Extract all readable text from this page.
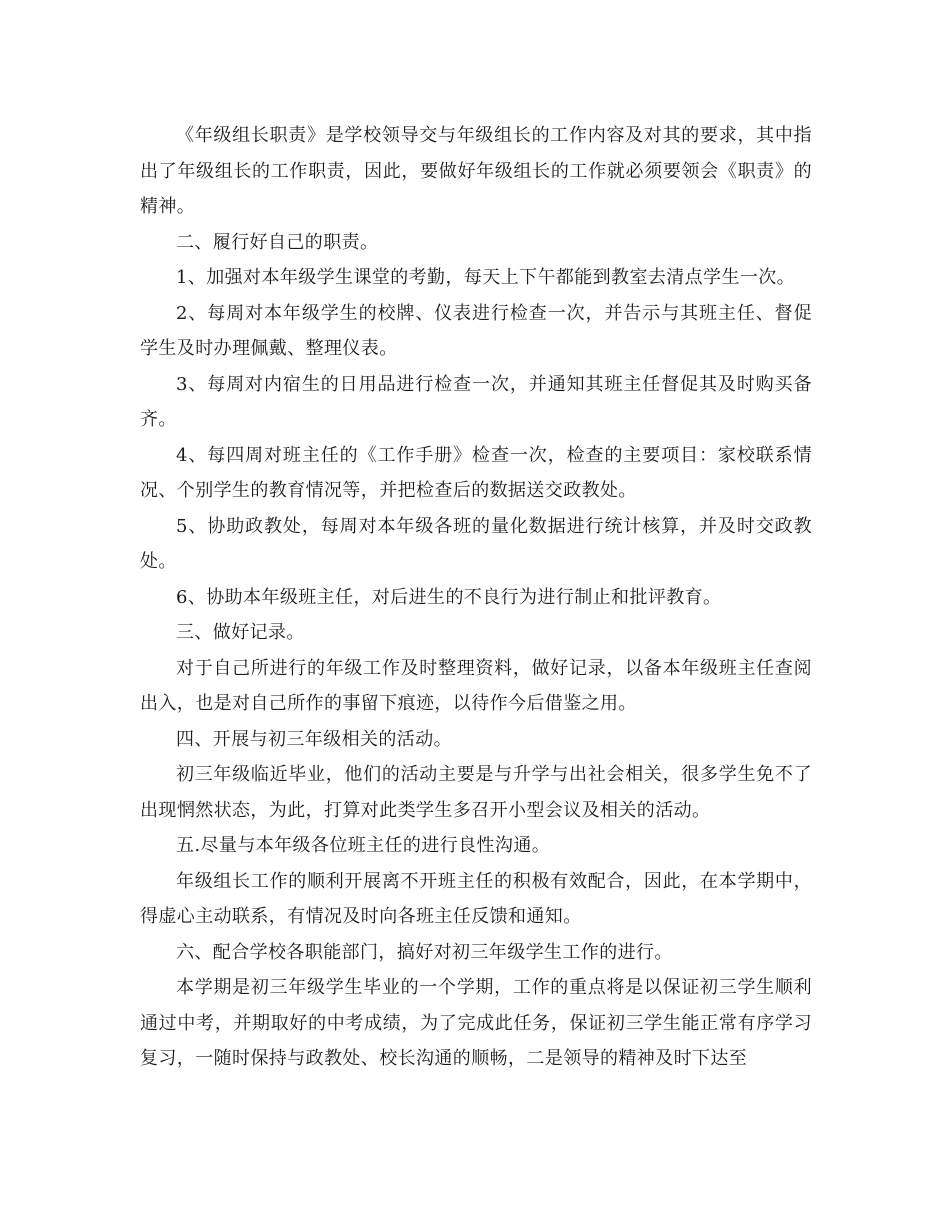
《年级组长职责》是学校领导交与年级组长的工作内容及对其的要求，其中指出了年级组长的工作职责，因此，要做好年级组长的工作就必须要领会《职责》的精神。

二、履行好自己的职责。

1、加强对本年级学生课堂的考勤，每天上下午都能到教室去清点学生一次。

2、每周对本年级学生的校牌、仪表进行检查一次，并告示与其班主任、督促学生及时办理佩戴、整理仪表。

3、每周对内宿生的日用品进行检查一次，并通知其班主任督促其及时购买备齐。

4、每四周对班主任的《工作手册》检查一次，检查的主要项目：家校联系情况、个别学生的教育情况等，并把检查后的数据送交政教处。

5、协助政教处，每周对本年级各班的量化数据进行统计核算，并及时交政教处。

6、协助本年级班主任，对后进生的不良行为进行制止和批评教育。

三、做好记录。

对于自己所进行的年级工作及时整理资料，做好记录，以备本年级班主任查阅出入，也是对自己所作的事留下痕迹，以待作今后借鉴之用。

四、开展与初三年级相关的活动。

初三年级临近毕业，他们的活动主要是与升学与出社会相关，很多学生免不了出现惘然状态，为此，打算对此类学生多召开小型会议及相关的活动。

五.尽量与本年级各位班主任的进行良性沟通。

年级组长工作的顺利开展离不开班主任的积极有效配合，因此，在本学期中，得虚心主动联系，有情况及时向各班主任反馈和通知。

六、配合学校各职能部门，搞好对初三年级学生工作的进行。

本学期是初三年级学生毕业的一个学期，工作的重点将是以保证初三学生顺利通过中考，并期取好的中考成绩，为了完成此任务，保证初三学生能正常有序学习复习，一随时保持与政教处、校长沟通的顺畅，二是领导的精神及时下达至
